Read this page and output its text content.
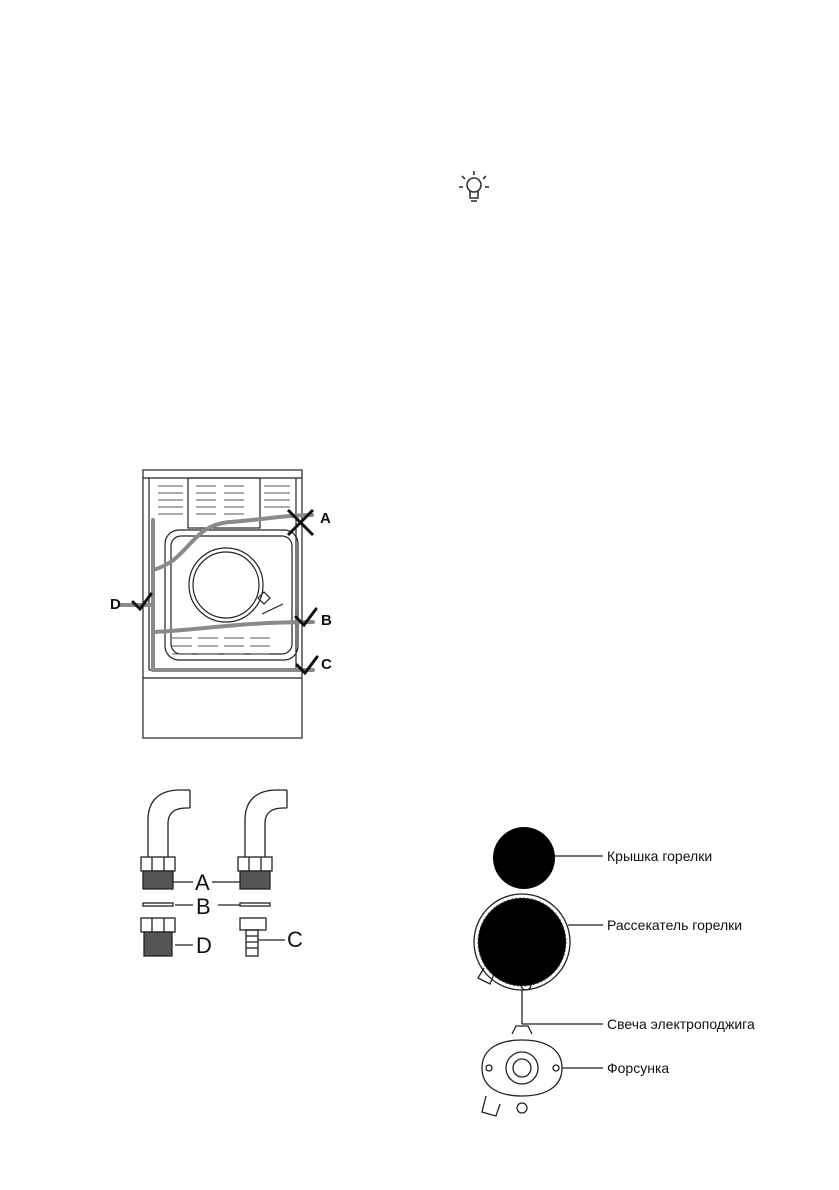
A
B
C
D
A
B
D	C
Крышка горелки
Рассекатель горелки
Свеча электроподжига
Форсунка
